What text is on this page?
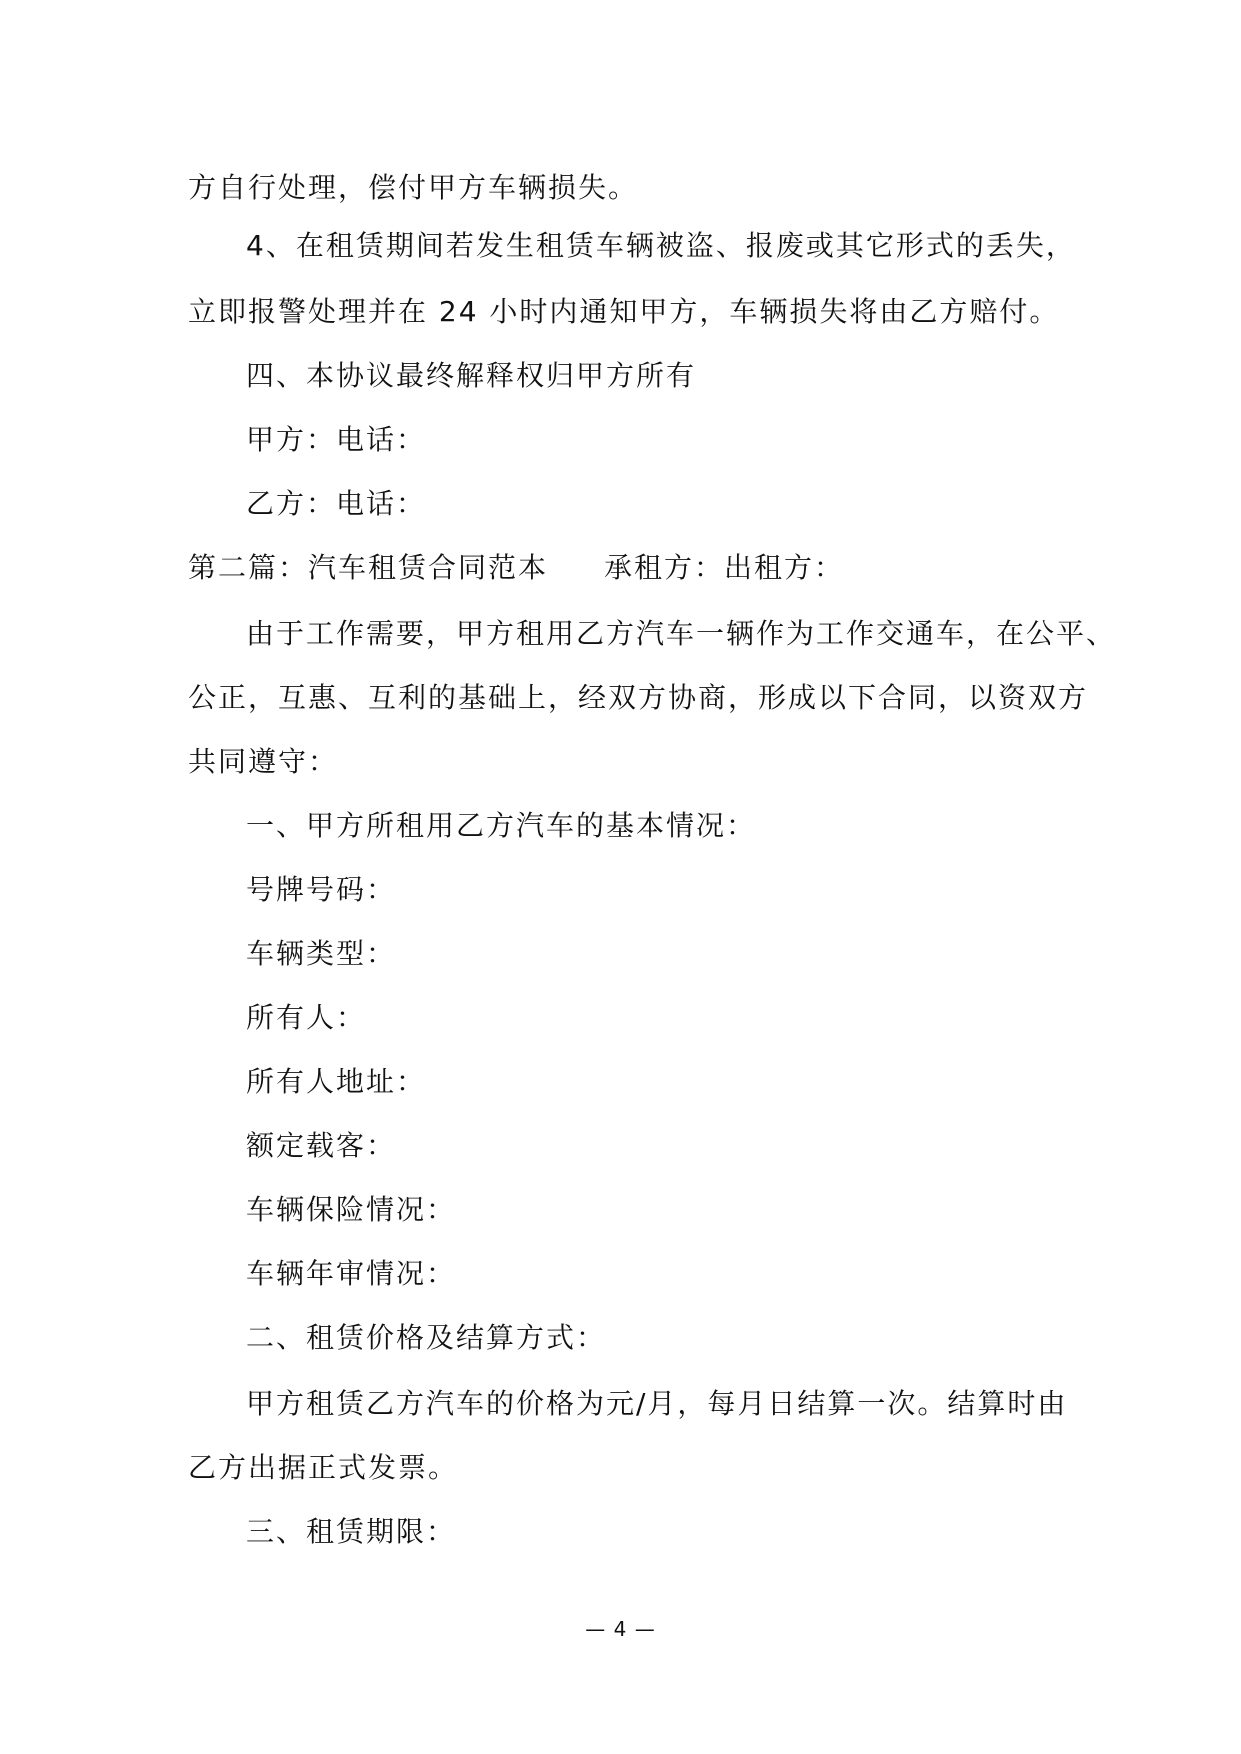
方自行处理，偿付甲方车辆损失。
4、在租赁期间若发生租赁车辆被盗、报废或其它形式的丢失，
立即报警处理并在 24 小时内通知甲方，车辆损失将由乙方赔付。
四、本协议最终解释权归甲方所有
甲方：电话：
乙方：电话：
第二篇：汽车租赁合同范本 承租方：出租方：
由于工作需要，甲方租用乙方汽车一辆作为工作交通车，在公平、
公正，互惠、互利的基础上，经双方协商，形成以下合同，以资双方
共同遵守：
一、甲方所租用乙方汽车的基本情况：
号牌号码：
车辆类型：
所有人：
所有人地址：
额定载客：
车辆保险情况：
车辆年审情况：
二、租赁价格及结算方式：
甲方租赁乙方汽车的价格为元/月，每月日结算一次。结算时由
乙方出据正式发票。
三、租赁期限：
— 4 —
